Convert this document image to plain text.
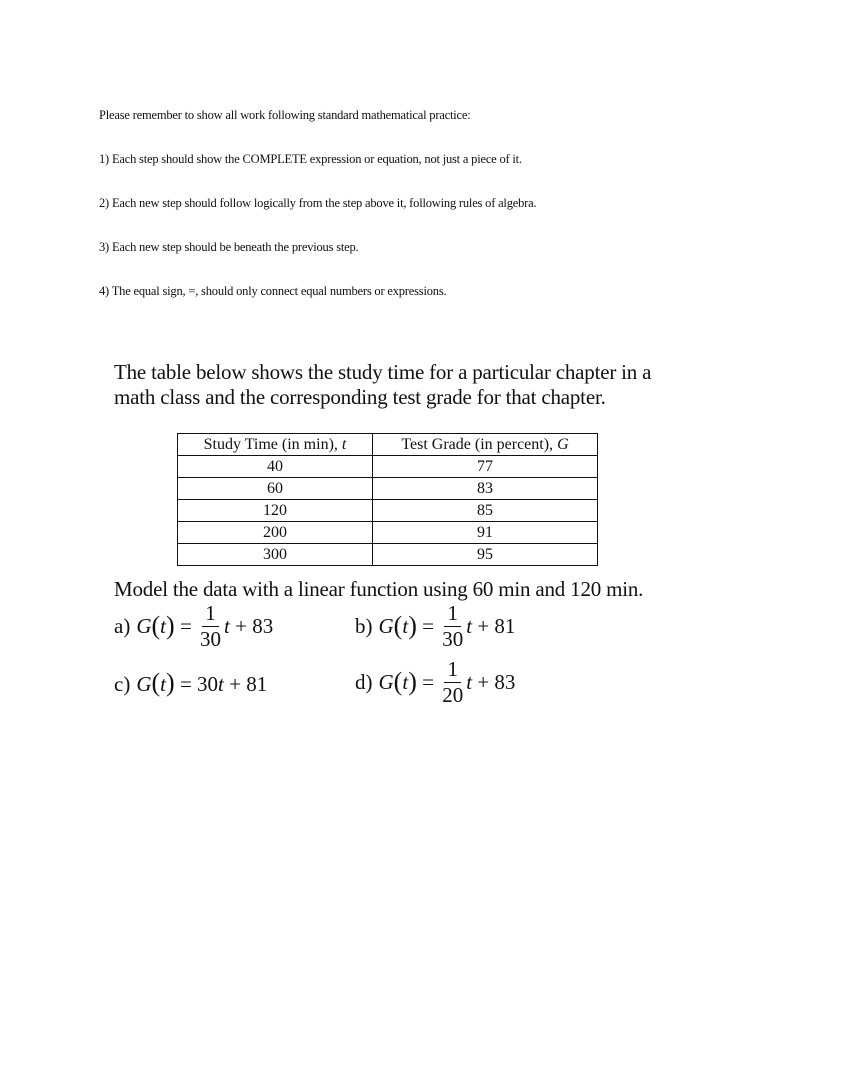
Please remember to show all work following standard mathematical practice:

1) Each step should show the COMPLETE expression or equation, not just a piece of it.

2) Each new step should follow logically from the step above it, following rules of algebra.

3) Each new step should be beneath the previous step.

4) The equal sign, =, should only connect equal numbers or expressions.

The table below shows the study time for a particular chapter in a

math class and the corresponding test grade for that chapter.

Study Time (in min), t	Test Grade (in percent), G
40	77
60	83
120	85
200	91
300	95

Model the data with a linear function using 60 min and 120 min.

a) G ( t ) = $\frac{1}{30}$ t + 83	b) G ( t ) = $\frac{1}{30}$ t + 81
c) G ( t ) = 30 t + 81	d) G ( t ) = $\frac{1}{20}$ t + 83
